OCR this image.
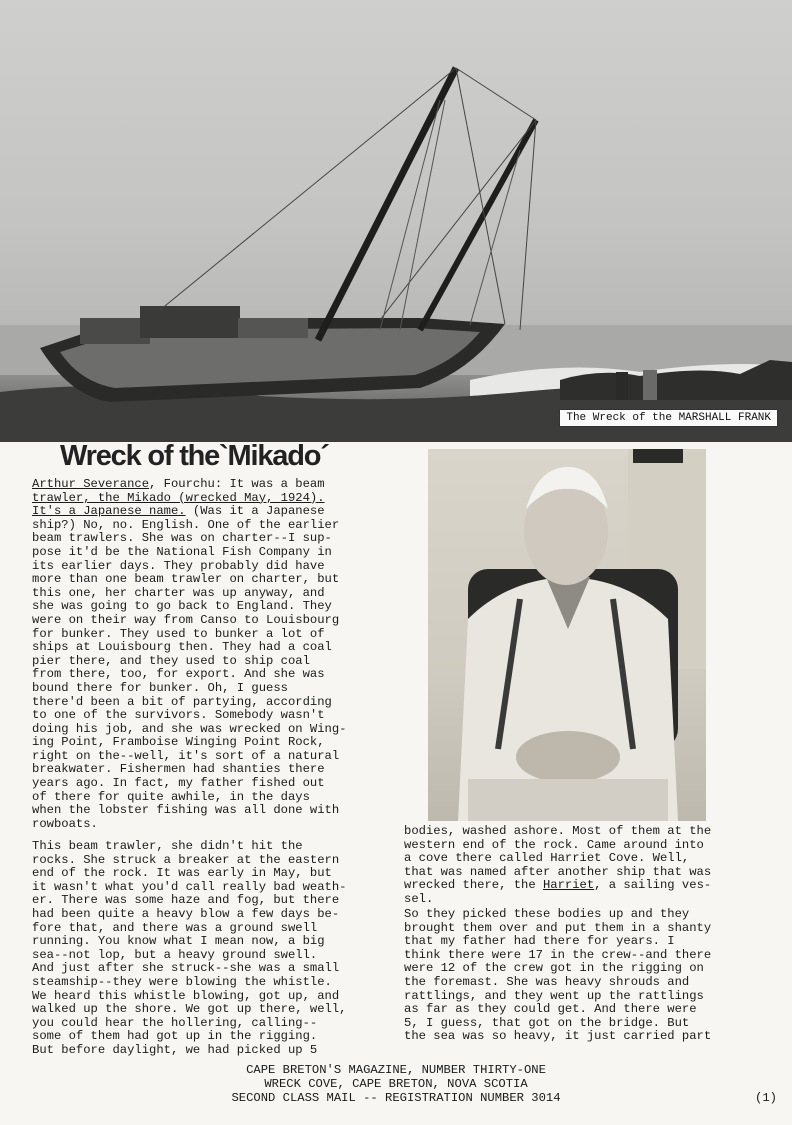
The Wreck of the MARSHALL FRANK
Wreck of the`Mikado´

Arthur Severance, Fourchu: It was a beam
trawler, the Mikado (wrecked May, 1924).
It's a Japanese name. (Was it a Japanese
ship?) No, no. English. One of the earlier
beam trawlers. She was on charter--I sup-
pose it'd be the National Fish Company in
its earlier days. They probably did have
more than one beam trawler on charter, but
this one, her charter was up anyway, and
she was going to go back to England. They
were on their way from Canso to Louisbourg
for bunker. They used to bunker a lot of
ships at Louisbourg then. They had a coal
pier there, and they used to ship coal
from there, too, for export. And she was
bound there for bunker. Oh, I guess
there'd been a bit of partying, according
to one of the survivors. Somebody wasn't
doing his job, and she was wrecked on Wing-
ing Point, Framboise Winging Point Rock,
right on the--well, it's sort of a natural
breakwater. Fishermen had shanties there
years ago. In fact, my father fished out
of there for quite awhile, in the days
when the lobster fishing was all done with
rowboats.

This beam trawler, she didn't hit the
rocks. She struck a breaker at the eastern
end of the rock. It was early in May, but
it wasn't what you'd call really bad weath-
er. There was some haze and fog, but there
had been quite a heavy blow a few days be-
fore that, and there was a ground swell
running. You know what I mean now, a big
sea--not lop, but a heavy ground swell.
And just after she struck--she was a small
steamship--they were blowing the whistle.
We heard this whistle blowing, got up, and
walked up the shore. We got up there, well,
you could hear the hollering, calling--
some of them had got up in the rigging.
But before daylight, we had picked up 5

bodies, washed ashore. Most of them at the
western end of the rock. Came around into
a cove there called Harriet Cove. Well,
that was named after another ship that was
wrecked there, the Harriet, a sailing ves-
sel.

So they picked these bodies up and they
brought them over and put them in a shanty
that my father had there for years. I
think there were 17 in the crew--and there
were 12 of the crew got in the rigging on
the foremast. She was heavy shrouds and
rattlings, and they went up the rattlings
as far as they could get. And there were
5, I guess, that got on the bridge. But
the sea was so heavy, it just carried part

CAPE BRETON'S MAGAZINE, NUMBER THIRTY-ONE
WRECK COVE, CAPE BRETON, NOVA SCOTIA
SECOND CLASS MAIL -- REGISTRATION NUMBER 3014	(1)
